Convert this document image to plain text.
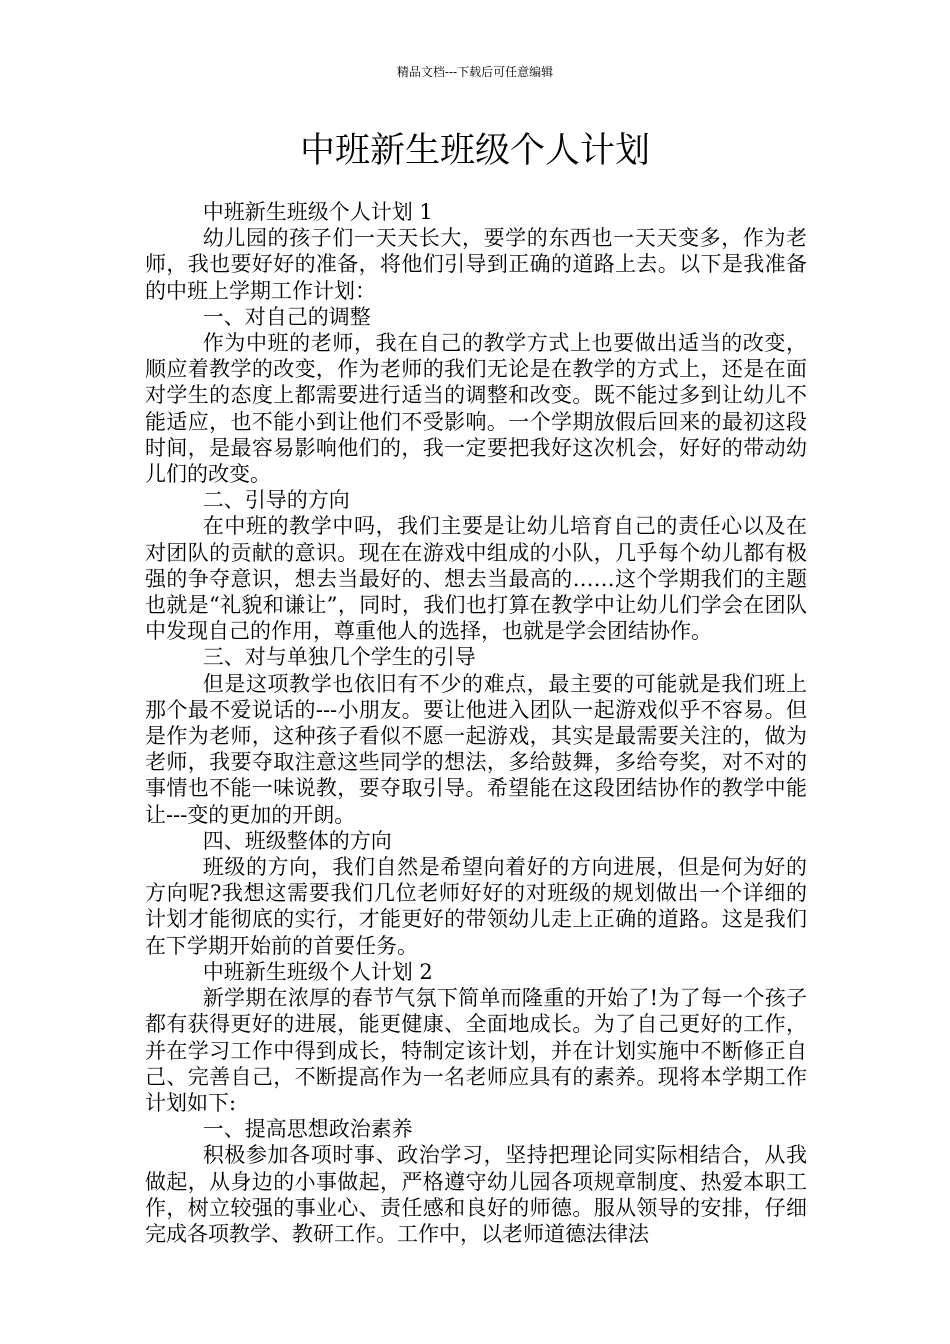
精品文档---下载后可任意编辑
中班新生班级个人计划

中班新生班级个人计划 1

幼儿园的孩子们一天天长大，要学的东西也一天天变多，作为老师，我也要好好的准备，将他们引导到正确的道路上去。以下是我准备的中班上学期工作计划：

一、对自己的调整

作为中班的老师，我在自己的教学方式上也要做出适当的改变，顺应着教学的改变，作为老师的我们无论是在教学的方式上，还是在面对学生的态度上都需要进行适当的调整和改变。既不能过多到让幼儿不能适应，也不能小到让他们不受影响。一个学期放假后回来的最初这段时间，是最容易影响他们的，我一定要把我好这次机会，好好的带动幼儿们的改变。

二、引导的方向

在中班的教学中吗，我们主要是让幼儿培育自己的责任心以及在对团队的贡献的意识。现在在游戏中组成的小队，几乎每个幼儿都有极强的争夺意识，想去当最好的、想去当最高的……这个学期我们的主题也就是“礼貌和谦让”，同时，我们也打算在教学中让幼儿们学会在团队中发现自己的作用，尊重他人的选择，也就是学会团结协作。

三、对与单独几个学生的引导

但是这项教学也依旧有不少的难点，最主要的可能就是我们班上那个最不爱说话的---小朋友。要让他进入团队一起游戏似乎不容易。但是作为老师，这种孩子看似不愿一起游戏，其实是最需要关注的，做为老师，我要夺取注意这些同学的想法，多给鼓舞，多给夸奖，对不对的事情也不能一味说教，要夺取引导。希望能在这段团结协作的教学中能让---变的更加的开朗。

四、班级整体的方向

班级的方向，我们自然是希望向着好的方向进展，但是何为好的方向呢?我想这需要我们几位老师好好的对班级的规划做出一个详细的计划才能彻底的实行，才能更好的带领幼儿走上正确的道路。这是我们在下学期开始前的首要任务。

中班新生班级个人计划 2

新学期在浓厚的春节气氛下简单而隆重的开始了!为了每一个孩子都有获得更好的进展，能更健康、全面地成长。为了自己更好的工作，并在学习工作中得到成长，特制定该计划，并在计划实施中不断修正自己、完善自己，不断提高作为一名老师应具有的素养。现将本学期工作计划如下:

一、提高思想政治素养

积极参加各项时事、政治学习，坚持把理论同实际相结合，从我做起，从身边的小事做起，严格遵守幼儿园各项规章制度、热爱本职工作，树立较强的事业心、责任感和良好的师德。服从领导的安排，仔细完成各项教学、教研工作。工作中，以老师道德法律法
